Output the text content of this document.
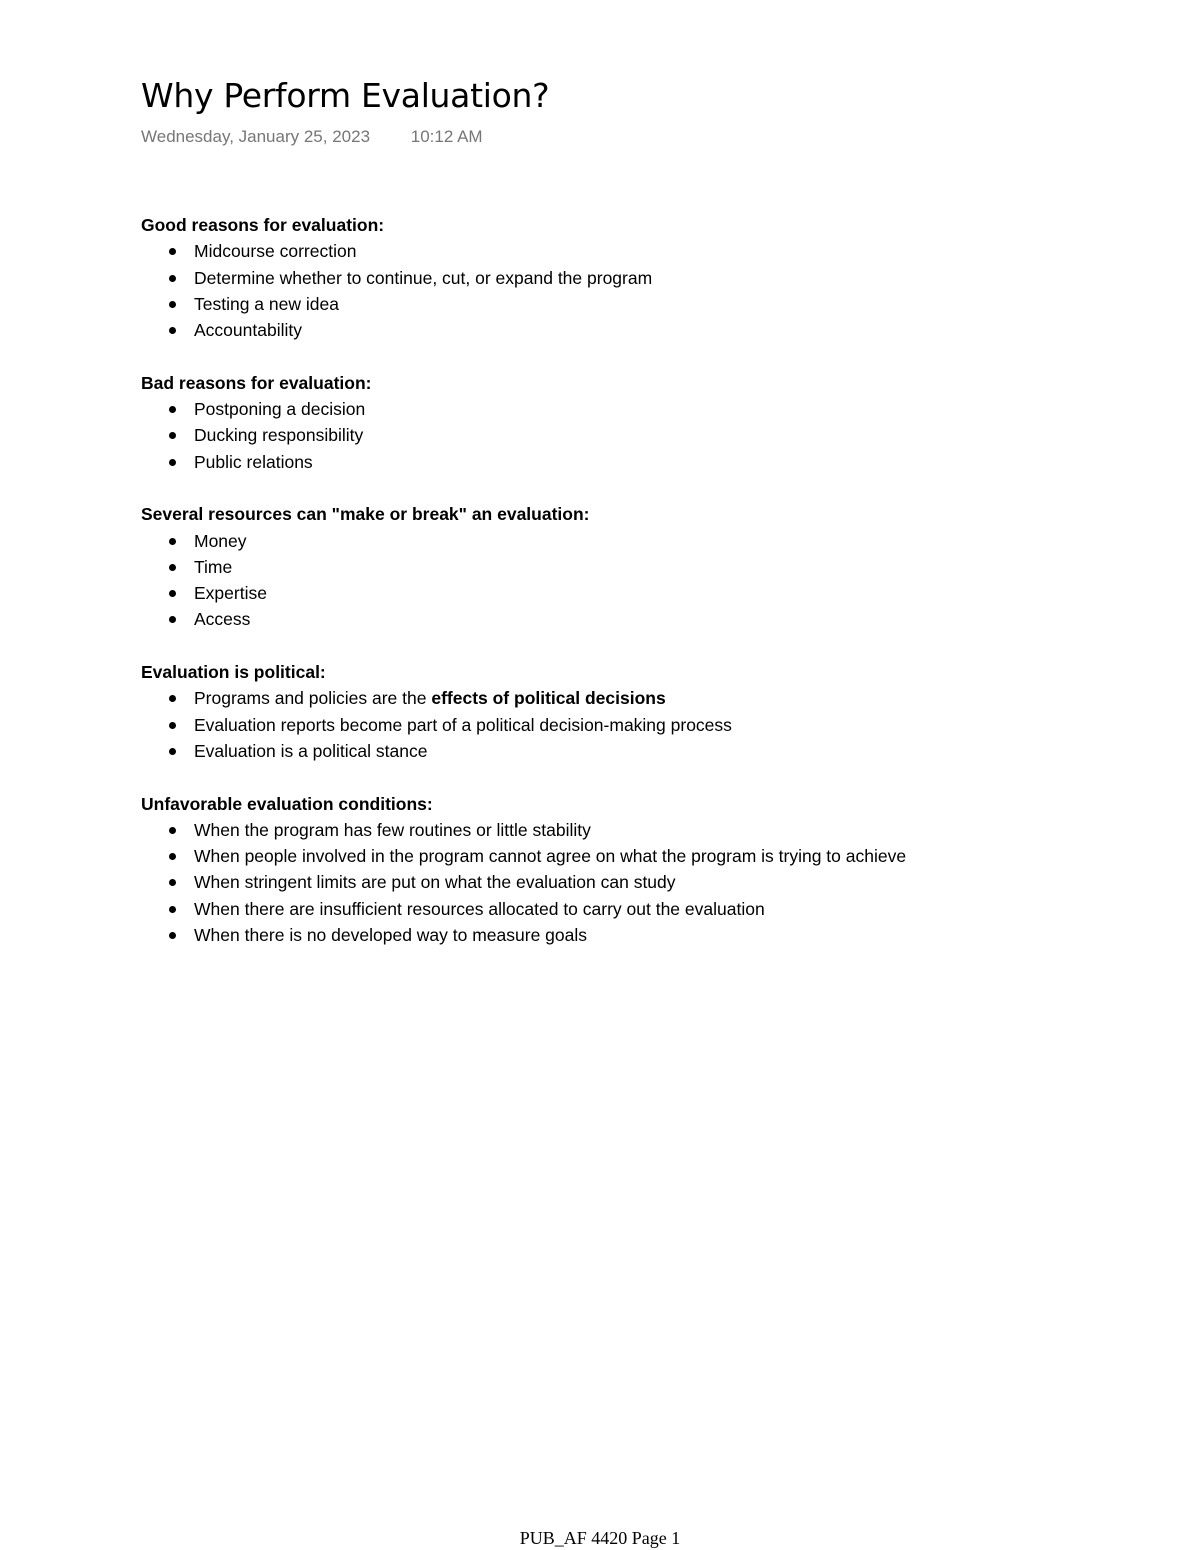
Why Perform Evaluation?
Wednesday, January 25, 2023 10:12 AM

Good reasons for evaluation:

Midcourse correction
Determine whether to continue, cut, or expand the program
Testing a new idea
Accountability

Bad reasons for evaluation:

Postponing a decision
Ducking responsibility
Public relations

Several resources can "make or break" an evaluation:

Money
Time
Expertise
Access

Evaluation is political:

Programs and policies are the effects of political decisions
Evaluation reports become part of a political decision-making process
Evaluation is a political stance

Unfavorable evaluation conditions:

When the program has few routines or little stability
When people involved in the program cannot agree on what the program is trying to achieve
When stringent limits are put on what the evaluation can study
When there are insufficient resources allocated to carry out the evaluation
When there is no developed way to measure goals
PUB_AF 4420 Page 1
